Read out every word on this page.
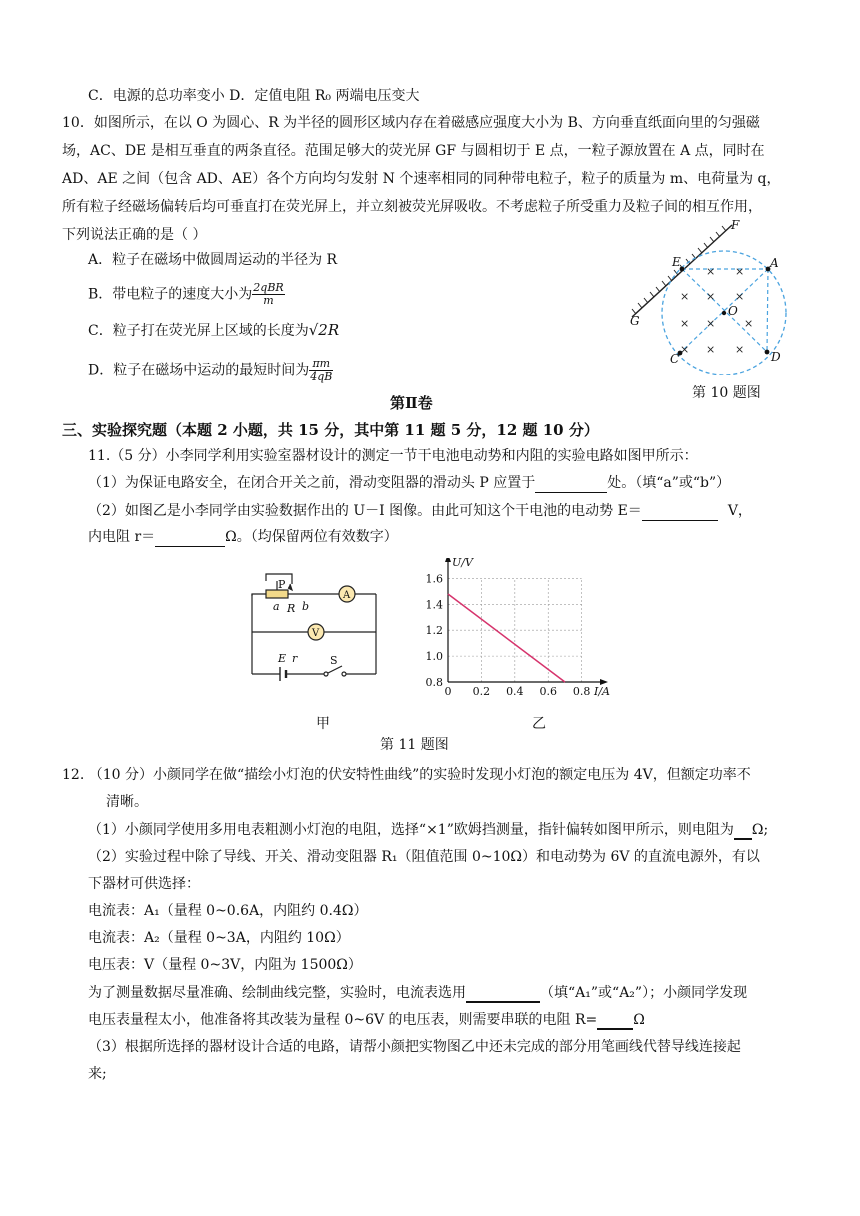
C．电源的总功率变小 D．定值电阻 R₀ 两端电压变大
10．如图所示，在以 O 为圆心、R 为半径的圆形区域内存在着磁感应强度大小为 B、方向垂直纸面向里的匀强磁
场，AC、DE 是相互垂直的两条直径。范围足够大的荧光屏 GF 与圆相切于 E 点，一粒子源放置在 A 点，同时在
AD、AE 之间（包含 AD、AE）各个方向均匀发射 N 个速率相同的同种带电粒子，粒子的质量为 m、电荷量为 q，
所有粒子经磁场偏转后均可垂直打在荧光屏上，并立刻被荧光屏吸收。不考虑粒子所受重力及粒子间的相互作用，
下列说法正确的是（ ）
A．粒子在磁场中做圆周运动的半径为 R
B．带电粒子的速度大小为 $\frac{\text{2qBR}}{m}$
C．粒子打在荧光屏上区域的长度为√2R
D．粒子在磁场中运动的最短时间为 $\frac{\pi m}{4qB}$
× ×
× × ×
× ×	×
× × ×
F
E	A
G
O
C	D
第 10 题图
第Ⅱ卷
三、实验探究题（本题 2 小题，共 15 分，其中第 11 题 5 分，12 题 10 分）
11.（5 分）小李同学利用实验室器材设计的测定一节干电池电动势和内阻的实验电路如图甲所示：
（1）为保证电路安全，在闭合开关之前，滑动变阻器的滑动头 P 应置于	处。（填“a”或“b”）
（2）如图乙是小李同学由实验数据作出的 U－I 图像。由此可知这个干电池的电动势 E＝	V，
内电阻 r＝	Ω。（均保留两位有效数字）
P
a R b
A
V
E r	S
0 0.2 0.4 0.6 0.8
0.8
1.0
1.2
1.4
1.6
I/A
U/V
甲	乙
第 11 题图
12. （10 分）小颜同学在做“描绘小灯泡的伏安特性曲线”的实验时发现小灯泡的额定电压为 4V，但额定功率不
清晰。
（1）小颜同学使用多用电表粗测小灯泡的电阻，选择“×1”欧姆挡测量，指针偏转如图甲所示，则电阻为 Ω;
（2）实验过程中除了导线、开关、滑动变阻器 R₁（阻值范围 0~10Ω）和电动势为 6V 的直流电源外，有以
下器材可供选择：
电流表：A₁（量程 0~0.6A，内阻约 0.4Ω）
电流表：A₂（量程 0~3A，内阻约 10Ω）
电压表：V（量程 0~3V，内阻为 1500Ω）
为了测量数据尽量准确、绘制曲线完整，实验时，电流表选用	（填“A₁”或“A₂”）；小颜同学发现
电压表量程太小，他准备将其改装为量程 0~6V 的电压表，则需要串联的电阻 R=	Ω
（3）根据所选择的器材设计合适的电路，请帮小颜把实物图乙中还未完成的部分用笔画线代替导线连接起
来;
